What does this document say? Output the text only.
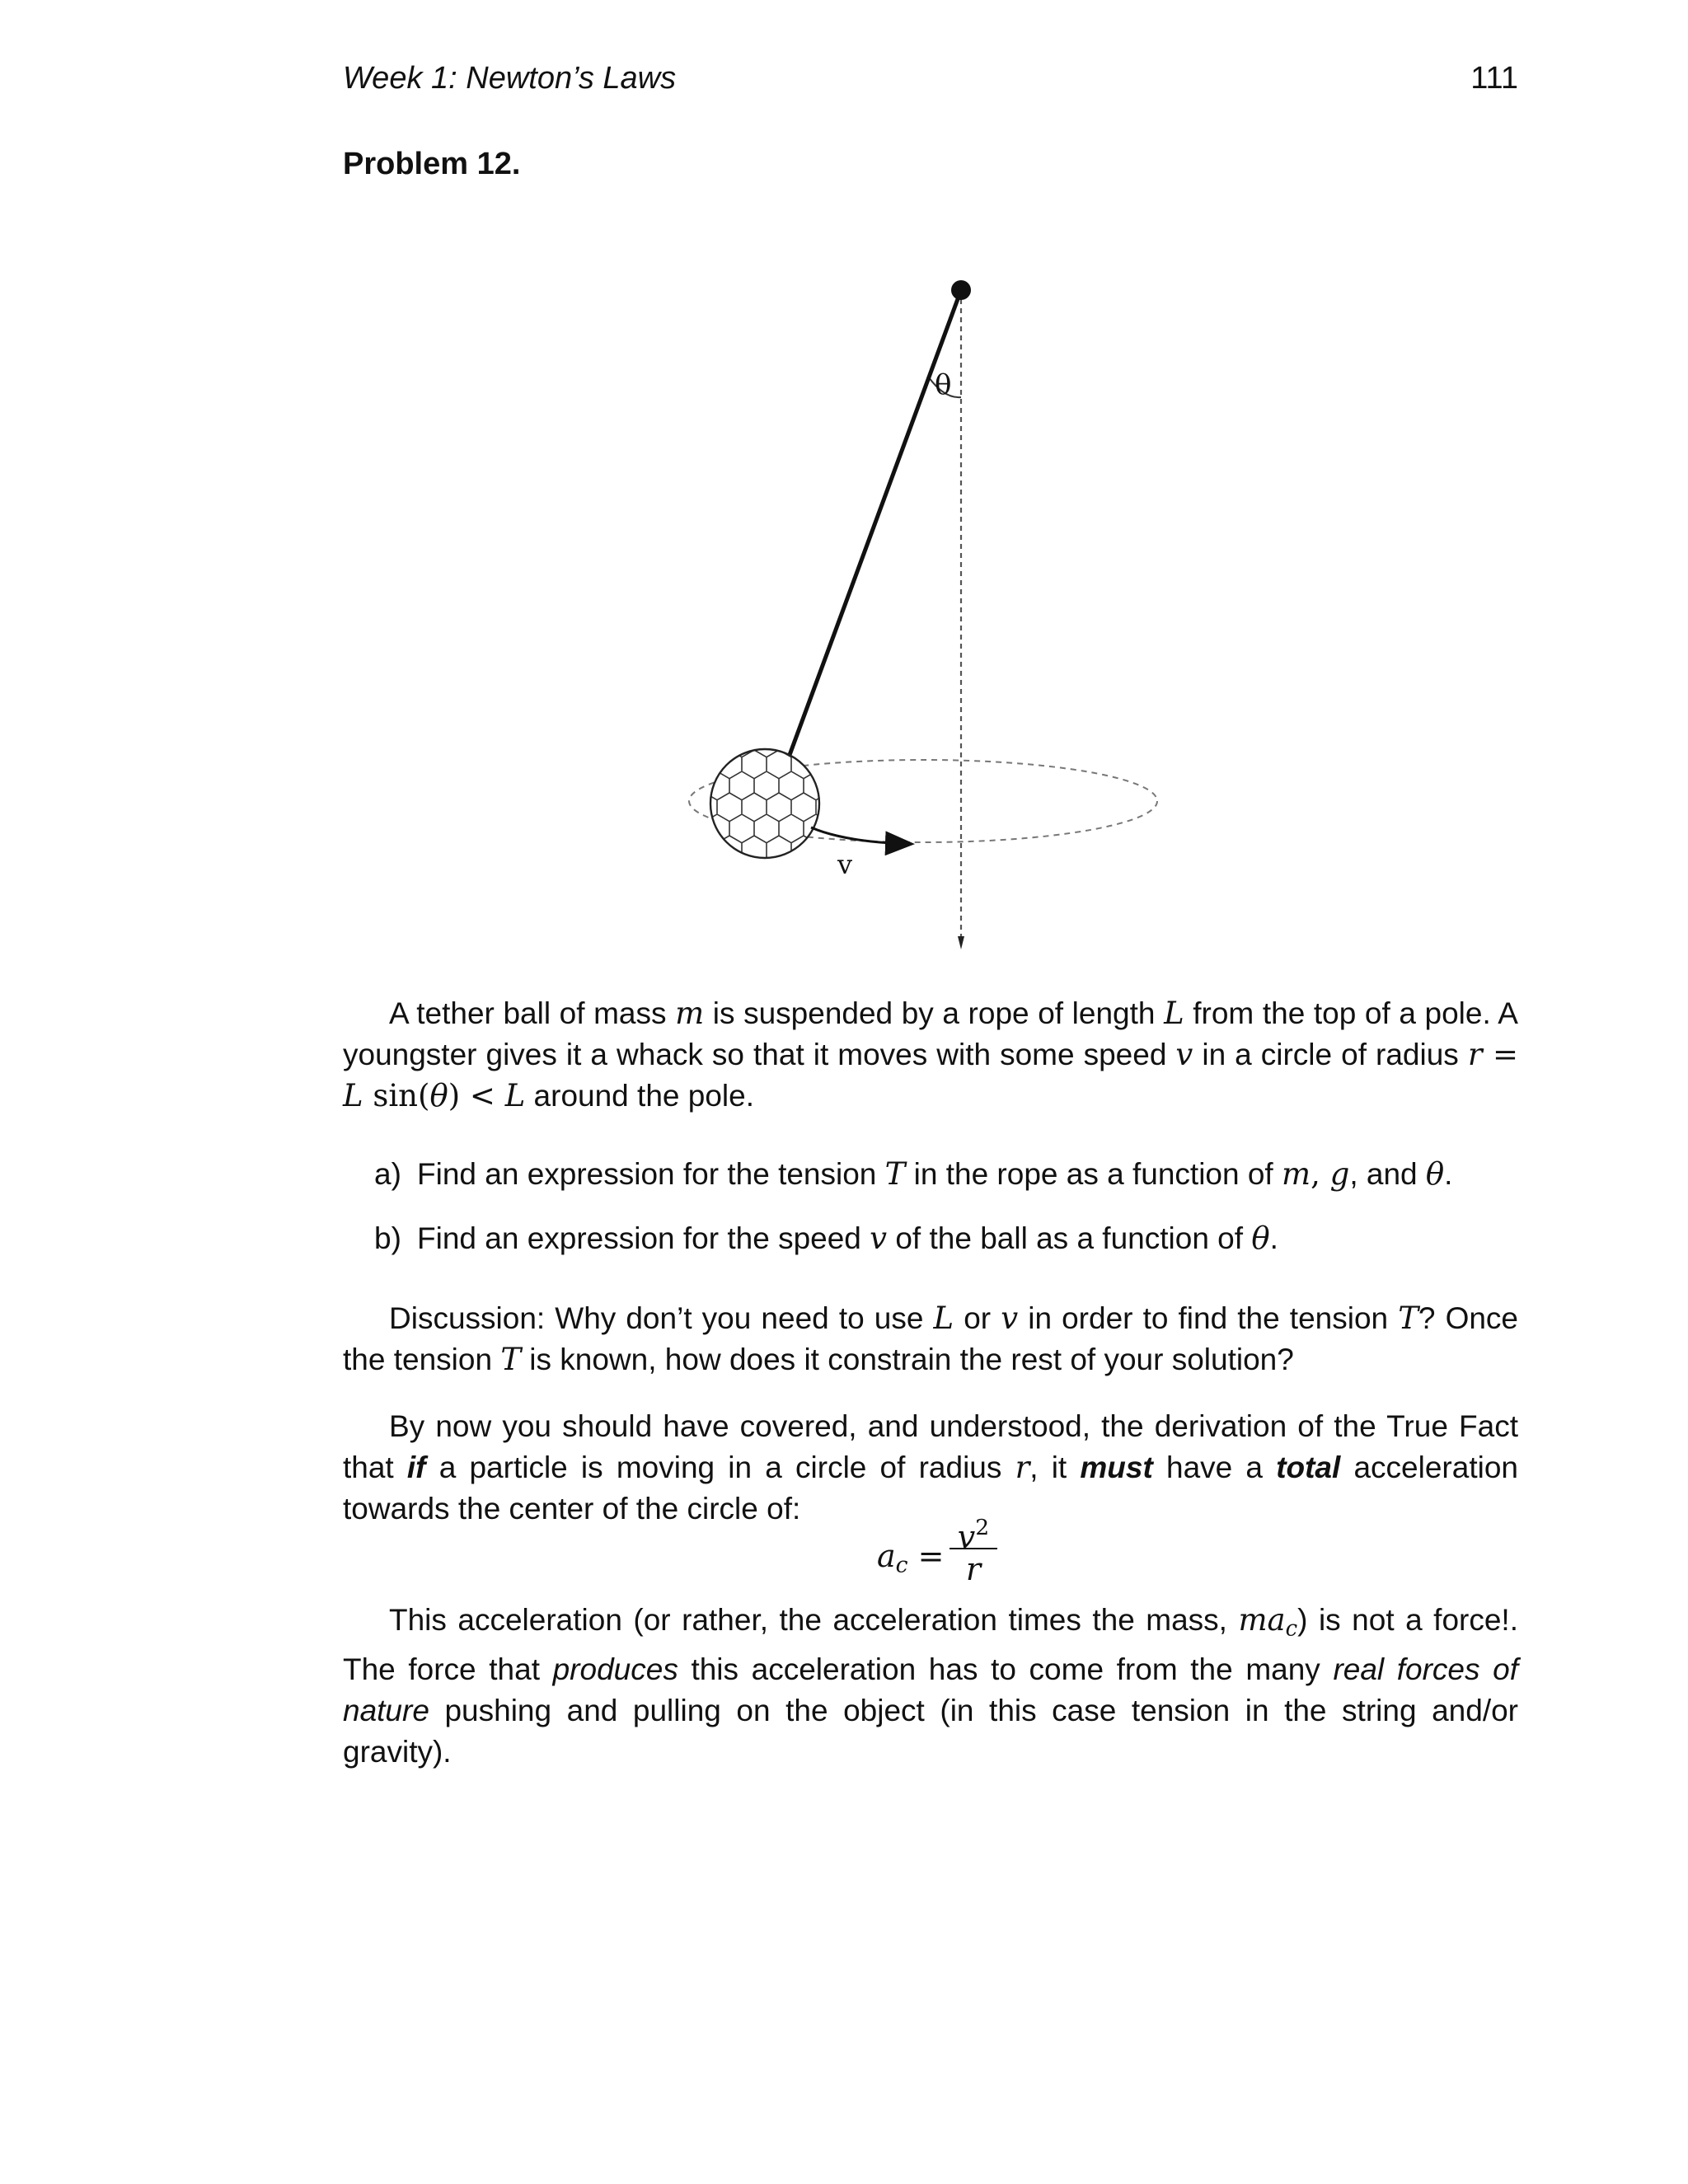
Week 1: Newton’s Laws	111
Problem 12.
θ
v
A tether ball of mass m is suspended by a rope of length L from the top of a pole. A youngster gives it a whack so that it moves with some speed v in a circle of radius r = L sin(θ) < L around the pole.
a) Find an expression for the tension T in the rope as a function of m, g, and θ.
b) Find an expression for the speed v of the ball as a function of θ.
Discussion: Why don’t you need to use L or v in order to find the tension T? Once the tension T is known, how does it constrain the rest of your solution?
By now you should have covered, and understood, the derivation of the True Fact that if a particle is moving in a circle of radius r, it must have a total acceleration towards the center of the circle of:
$a_c$ =
$v^2$
r
This acceleration (or rather, the acceleration times the mass, $ma_c$) is not a force!. The force that produces this acceleration has to come from the many real forces of nature pushing and pulling on the object (in this case tension in the string and/or gravity).
